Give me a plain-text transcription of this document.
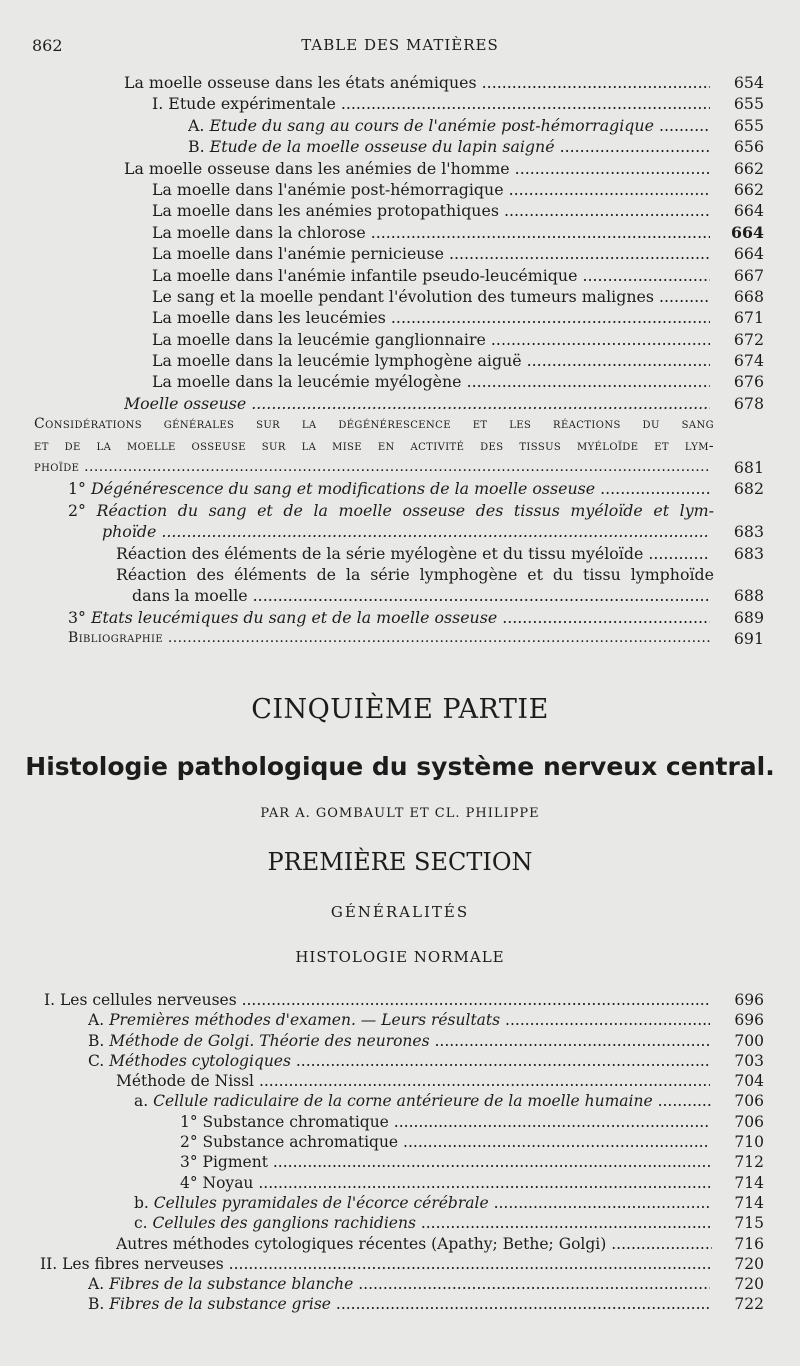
862	TABLE DES MATIÈRES
La moelle osseuse dans les états anémiques .....	654
I. Etude expérimentale .....	655
A. Etude du sang au cours de l'anémie post-hémorragique .....	655
B. Etude de la moelle osseuse du lapin saigné .....	656
La moelle osseuse dans les anémies de l'homme .....	662
La moelle dans l'anémie post-hémorragique .....	662
La moelle dans les anémies protopathiques .....	664
La moelle dans la chlorose .....	664
La moelle dans l'anémie pernicieuse .....	664
La moelle dans l'anémie infantile pseudo-leucémique .....	667
Le sang et la moelle pendant l'évolution des tumeurs malignes .....	668
La moelle dans les leucémies .....	671
La moelle dans la leucémie ganglionnaire .....	672
La moelle dans la leucémie lymphogène aiguë .....	674
La moelle dans la leucémie myélogène .....	676
Moelle osseuse .....	678
Considérations générales sur la dégénérescence et les réactions du sang
et de la moelle osseuse sur la mise en activité des tissus myéloïde et lym-
phoïde .....	681
1° Dégénérescence du sang et modifications de la moelle osseuse .....	682
2° Réaction du sang et de la moelle osseuse des tissus myéloïde et lym-
phoïde .....	683
Réaction des éléments de la série myélogène et du tissu myéloïde .....	683
Réaction des éléments de la série lymphogène et du tissu lymphoïde
dans la moelle .....	688
3° Etats leucémiques du sang et de la moelle osseuse .....	689
Bibliographie .....	691
CINQUIÈME PARTIE
Histologie pathologique du système nerveux central.
PAR A. GOMBAULT ET CL. PHILIPPE
PREMIÈRE SECTION
GÉNÉRALITÉS
HISTOLOGIE NORMALE
I. Les cellules nerveuses .....	696
A. Premières méthodes d'examen. — Leurs résultats .....	696
B. Méthode de Golgi. Théorie des neurones .....	700
C. Méthodes cytologiques .....	703
Méthode de Nissl .....	704
a. Cellule radiculaire de la corne antérieure de la moelle humaine .....	706
1° Substance chromatique .....	706
2° Substance achromatique .....	710
3° Pigment .....	712
4° Noyau .....	714
b. Cellules pyramidales de l'écorce cérébrale .....	714
c. Cellules des ganglions rachidiens .....	715
Autres méthodes cytologiques récentes (Apathy; Bethe; Golgi) .....	716
II. Les fibres nerveuses .....	720
A. Fibres de la substance blanche .....	720
B. Fibres de la substance grise .....	722
